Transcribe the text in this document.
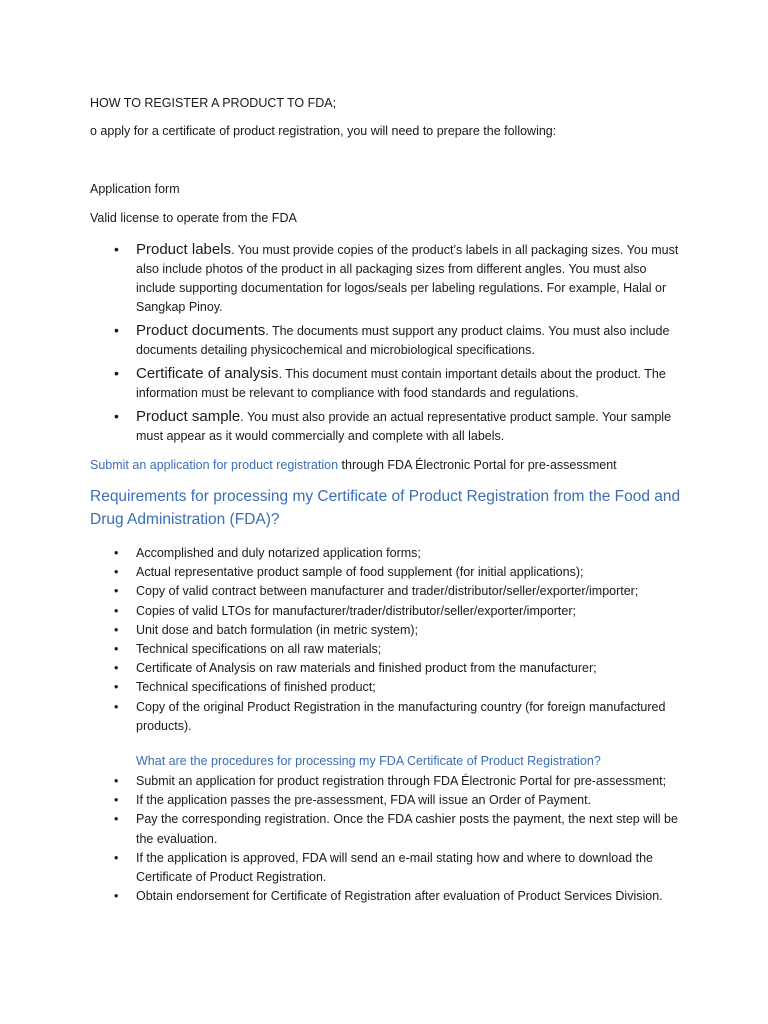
HOW TO REGISTER A PRODUCT TO FDA;
o apply for a certificate of product registration, you will need to prepare the following:
Application form
Valid license to operate from the FDA
• Product labels. You must provide copies of the product’s labels in all packaging sizes. You must also include photos of the product in all packaging sizes from different angles. You must also include supporting documentation for logos/seals per labeling regulations. For example, Halal or Sangkap Pinoy.
• Product documents. The documents must support any product claims. You must also include documents detailing physicochemical and microbiological specifications.
• Certificate of analysis. This document must contain important details about the product. The information must be relevant to compliance with food standards and regulations.
• Product sample. You must also provide an actual representative product sample. Your sample must appear as it would commercially and complete with all labels.
Submit an application for product registration through FDA Électronic Portal for pre-assessment
Requirements for processing my Certificate of Product Registration from the Food and Drug Administration (FDA)?
• Accomplished and duly notarized application forms;
• Actual representative product sample of food supplement (for initial applications);
• Copy of valid contract between manufacturer and trader/distributor/seller/exporter/importer;
• Copies of valid LTOs for manufacturer/trader/distributor/seller/exporter/importer;
• Unit dose and batch formulation (in metric system);
• Technical specifications on all raw materials;
• Certificate of Analysis on raw materials and finished product from the manufacturer;
• Technical specifications of finished product;
• Copy of the original Product Registration in the manufacturing country (for foreign manufactured products).
What are the procedures for processing my FDA Certificate of Product Registration?
• Submit an application for product registration through FDA Électronic Portal for pre-assessment;
• If the application passes the pre-assessment, FDA will issue an Order of Payment.
• Pay the corresponding registration. Once the FDA cashier posts the payment, the next step will be the evaluation.
• If the application is approved, FDA will send an e-mail stating how and where to download the Certificate of Product Registration.
• Obtain endorsement for Certificate of Registration after evaluation of Product Services Division.
